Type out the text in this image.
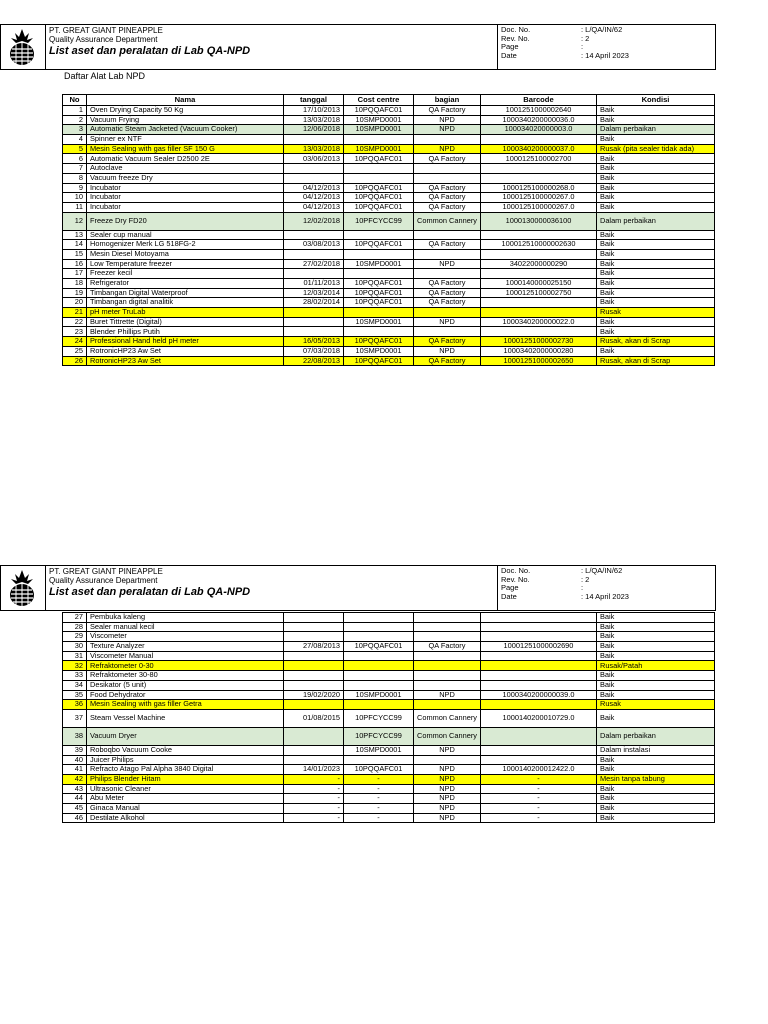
PT. GREAT GIANT PINEAPPLE
Quality Assurance Department
List aset dan peralatan di Lab QA-NPD
Doc. No.	: L/QA/IN/62
Rev. No.	: 2
Page	:
Date	: 14 April 2023
Daftar Alat Lab NPD
No	Nama	tanggal	Cost centre	bagian	Barcode	Kondisi
1	Oven Drying Capacity 50 Kg	17/10/2013	10PQQAFC01	QA Factory	1001251000002640	Baik
2	Vacuum Frying	13/03/2018	10SMPD0001	NPD	1000340200000036.0	Baik
3	Automatic Steam Jacketed (Vacuum Cooker)	12/06/2018	10SMPD0001	NPD	100034020000003.0	Dalam perbaikan
4	Spinner ex NTF					Baik
5	Mesin Sealing with gas filler SF 150 G	13/03/2018	10SMPD0001	NPD	1000340200000037.0	Rusak (pita sealer tidak ada)
6	Automatic Vacuum Sealer D2500 2E	03/06/2013	10PQQAFC01	QA Factory	1000125100002700	Baik
7	Autoclave					Baik
8	Vacuum freeze Dry					Baik
9	Incubator	04/12/2013	10PQQAFC01	QA Factory	1000125100000268.0	Baik
10	Incubator	04/12/2013	10PQQAFC01	QA Factory	1000125100000267.0	Baik
11	Incubator	04/12/2013	10PQQAFC01	QA Factory	1000125100000267.0	Baik
12	Freeze Dry FD20	12/02/2018	10PFCYCC99	Common Cannery	1000130000036100	Dalam perbaikan
13	Sealer cup manual					Baik
14	Homogenizer Merk LG 518FG-2	03/08/2013	10PQQAFC01	QA Factory	100012510000002630	Baik
15	Mesin Diesel Motoyama					Baik
16	Low Temperature freezer	27/02/2018	10SMPD0001	NPD	34022000000290	Baik
17	Freezer kecil					Baik
18	Refrigerator	01/11/2013	10PQQAFC01	QA Factory	1000140000025150	Baik
19	Timbangan Digital Waterproof	12/03/2014	10PQQAFC01	QA Factory	1000125100002750	Baik
20	Timbangan digital analitik	28/02/2014	10PQQAFC01	QA Factory		Baik
21	pH meter TruLab					Rusak
22	Buret Tittrette (Digital)		10SMPD0001	NPD	1000340200000022.0	Baik
23	Blender Phillips Putih					Baik
24	Professional Hand held pH meter	16/05/2013	10PQQAFC01	QA Factory	10001251000002730	Rusak, akan di Scrap
25	RotronicHP23 Aw Set	07/03/2018	10SMPD0001	NPD	10003402000000280	Baik
26	RotronicHP23 Aw Set	22/08/2013	10PQQAFC01	QA Factory	10001251000002650	Rusak, akan di Scrap
PT. GREAT GIANT PINEAPPLE
Quality Assurance Department
List aset dan peralatan di Lab QA-NPD
Doc. No.	: L/QA/IN/62
Rev. No.	: 2
Page	:
Date	: 14 April 2023
27	Pembuka kaleng					Baik
28	Sealer manual kecil					Baik
29	Viscometer					Baik
30	Texture Analyzer	27/08/2013	10PQQAFC01	QA Factory	10001251000002690	Baik
31	Viscometer Manual					Baik
32	Refraktometer 0-30					Rusak/Patah
33	Refraktometer 30-80					Baik
34	Desikator (5 unit)					Baik
35	Food Dehydrator	19/02/2020	10SMPD0001	NPD	1000340200000039.0	Baik
36	Mesin Sealing with gas filler Getra					Rusak
37	Steam Vessel Machine	01/08/2015	10PFCYCC99	Common Cannery	1000140200010729.0	Baik
38	Vacuum Dryer		10PFCYCC99	Common Cannery		Dalam perbaikan
39	Roboqbo Vacuum Cooke		10SMPD0001	NPD		Dalam instalasi
40	Juicer Philips					Baik
41	Refracto Atago Pal Alpha 3840 Digital	14/01/2023	10PQQAFC01	NPD	1000140200012422.0	Baik
42	Philips Blender Hitam	-	-	NPD	-	Mesin tanpa tabung
43	Ultrasonic Cleaner	-	-	NPD	-	Baik
44	Abu Meter	-	-	NPD	-	Baik
45	Ginaca Manual	-	-	NPD	-	Baik
46	Destilate Alkohol	-	-	NPD	-	Baik
